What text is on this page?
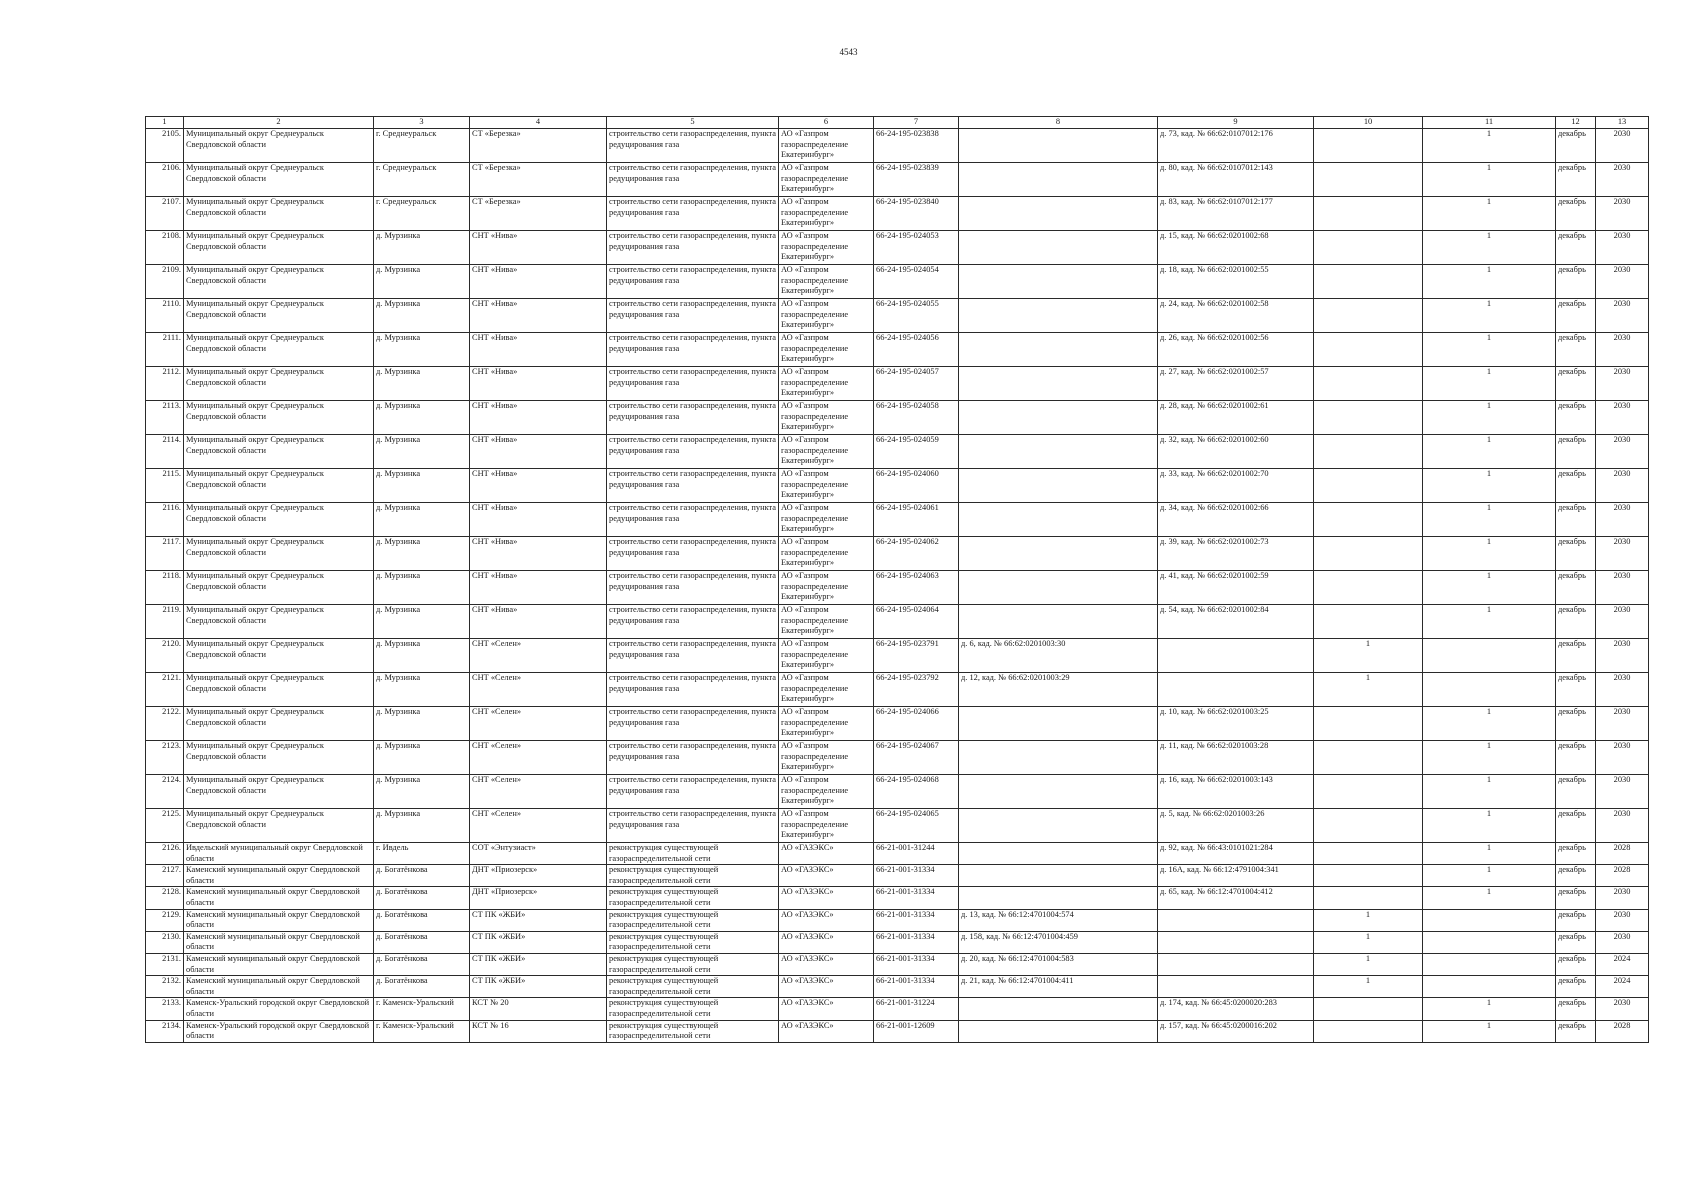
4543
1	2	3	4	5	6	7	8	9	10	11	12	13
2105.	Муниципальный округ Среднеуральск Свердловской области	г. Среднеуральск	СТ «Березка»	строительство сети газораспределения, пункта редуцирования газа	АО «Газпром газораспределение Екатеринбург»	66-24-195-023838		д. 73, кад. № 66:62:0107012:176		1	декабрь	2030
2106.	Муниципальный округ Среднеуральск Свердловской области	г. Среднеуральск	СТ «Березка»	строительство сети газораспределения, пункта редуцирования газа	АО «Газпром газораспределение Екатеринбург»	66-24-195-023839		д. 80, кад. № 66:62:0107012:143		1	декабрь	2030
2107.	Муниципальный округ Среднеуральск Свердловской области	г. Среднеуральск	СТ «Березка»	строительство сети газораспределения, пункта редуцирования газа	АО «Газпром газораспределение Екатеринбург»	66-24-195-023840		д. 83, кад. № 66:62:0107012:177		1	декабрь	2030
2108.	Муниципальный округ Среднеуральск Свердловской области	д. Мурзинка	СНТ «Нива»	строительство сети газораспределения, пункта редуцирования газа	АО «Газпром газораспределение Екатеринбург»	66-24-195-024053		д. 15, кад. № 66:62:0201002:68		1	декабрь	2030
2109.	Муниципальный округ Среднеуральск Свердловской области	д. Мурзинка	СНТ «Нива»	строительство сети газораспределения, пункта редуцирования газа	АО «Газпром газораспределение Екатеринбург»	66-24-195-024054		д. 18, кад. № 66:62:0201002:55		1	декабрь	2030
2110.	Муниципальный округ Среднеуральск Свердловской области	д. Мурзинка	СНТ «Нива»	строительство сети газораспределения, пункта редуцирования газа	АО «Газпром газораспределение Екатеринбург»	66-24-195-024055		д. 24, кад. № 66:62:0201002:58		1	декабрь	2030
2111.	Муниципальный округ Среднеуральск Свердловской области	д. Мурзинка	СНТ «Нива»	строительство сети газораспределения, пункта редуцирования газа	АО «Газпром газораспределение Екатеринбург»	66-24-195-024056		д. 26, кад. № 66:62:0201002:56		1	декабрь	2030
2112.	Муниципальный округ Среднеуральск Свердловской области	д. Мурзинка	СНТ «Нива»	строительство сети газораспределения, пункта редуцирования газа	АО «Газпром газораспределение Екатеринбург»	66-24-195-024057		д. 27, кад. № 66:62:0201002:57		1	декабрь	2030
2113.	Муниципальный округ Среднеуральск Свердловской области	д. Мурзинка	СНТ «Нива»	строительство сети газораспределения, пункта редуцирования газа	АО «Газпром газораспределение Екатеринбург»	66-24-195-024058		д. 28, кад. № 66:62:0201002:61		1	декабрь	2030
2114.	Муниципальный округ Среднеуральск Свердловской области	д. Мурзинка	СНТ «Нива»	строительство сети газораспределения, пункта редуцирования газа	АО «Газпром газораспределение Екатеринбург»	66-24-195-024059		д. 32, кад. № 66:62:0201002:60		1	декабрь	2030
2115.	Муниципальный округ Среднеуральск Свердловской области	д. Мурзинка	СНТ «Нива»	строительство сети газораспределения, пункта редуцирования газа	АО «Газпром газораспределение Екатеринбург»	66-24-195-024060		д. 33, кад. № 66:62:0201002:70		1	декабрь	2030
2116.	Муниципальный округ Среднеуральск Свердловской области	д. Мурзинка	СНТ «Нива»	строительство сети газораспределения, пункта редуцирования газа	АО «Газпром газораспределение Екатеринбург»	66-24-195-024061		д. 34, кад. № 66:62:0201002:66		1	декабрь	2030
2117.	Муниципальный округ Среднеуральск Свердловской области	д. Мурзинка	СНТ «Нива»	строительство сети газораспределения, пункта редуцирования газа	АО «Газпром газораспределение Екатеринбург»	66-24-195-024062		д. 39, кад. № 66:62:0201002:73		1	декабрь	2030
2118.	Муниципальный округ Среднеуральск Свердловской области	д. Мурзинка	СНТ «Нива»	строительство сети газораспределения, пункта редуцирования газа	АО «Газпром газораспределение Екатеринбург»	66-24-195-024063		д. 41, кад. № 66:62:0201002:59		1	декабрь	2030
2119.	Муниципальный округ Среднеуральск Свердловской области	д. Мурзинка	СНТ «Нива»	строительство сети газораспределения, пункта редуцирования газа	АО «Газпром газораспределение Екатеринбург»	66-24-195-024064		д. 54, кад. № 66:62:0201002:84		1	декабрь	2030
2120.	Муниципальный округ Среднеуральск Свердловской области	д. Мурзинка	СНТ «Селен»	строительство сети газораспределения, пункта редуцирования газа	АО «Газпром газораспределение Екатеринбург»	66-24-195-023791	д. 6, кад. № 66:62:0201003:30		1		декабрь	2030
2121.	Муниципальный округ Среднеуральск Свердловской области	д. Мурзинка	СНТ «Селен»	строительство сети газораспределения, пункта редуцирования газа	АО «Газпром газораспределение Екатеринбург»	66-24-195-023792	д. 12, кад. № 66:62:0201003:29		1		декабрь	2030
2122.	Муниципальный округ Среднеуральск Свердловской области	д. Мурзинка	СНТ «Селен»	строительство сети газораспределения, пункта редуцирования газа	АО «Газпром газораспределение Екатеринбург»	66-24-195-024066		д. 10, кад. № 66:62:0201003:25		1	декабрь	2030
2123.	Муниципальный округ Среднеуральск Свердловской области	д. Мурзинка	СНТ «Селен»	строительство сети газораспределения, пункта редуцирования газа	АО «Газпром газораспределение Екатеринбург»	66-24-195-024067		д. 11, кад. № 66:62:0201003:28		1	декабрь	2030
2124.	Муниципальный округ Среднеуральск Свердловской области	д. Мурзинка	СНТ «Селен»	строительство сети газораспределения, пункта редуцирования газа	АО «Газпром газораспределение Екатеринбург»	66-24-195-024068		д. 16, кад. № 66:62:0201003:143		1	декабрь	2030
2125.	Муниципальный округ Среднеуральск Свердловской области	д. Мурзинка	СНТ «Селен»	строительство сети газораспределения, пункта редуцирования газа	АО «Газпром газораспределение Екатеринбург»	66-24-195-024065		д. 5, кад. № 66:62:0201003:26		1	декабрь	2030
2126.	Ивдельский муниципальный округ Свердловской области	г. Ивдель	СОТ «Энтузиаст»	реконструкция существующей газораспределительной сети	АО «ГАЗЭКС»	66-21-001-31244		д. 92, кад. № 66:43:0101021:284		1	декабрь	2028
2127.	Каменский муниципальный округ Свердловской области	д. Богатёнкова	ДНТ «Приозерск»	реконструкция существующей газораспределительной сети	АО «ГАЗЭКС»	66-21-001-31334		д. 16А, кад. № 66:12:4791004:341		1	декабрь	2028
2128.	Каменский муниципальный округ Свердловской области	д. Богатёнкова	ДНТ «Приозерск»	реконструкция существующей газораспределительной сети	АО «ГАЗЭКС»	66-21-001-31334		д. 65, кад. № 66:12:4701004:412		1	декабрь	2030
2129.	Каменский муниципальный округ Свердловской области	д. Богатёнкова	СТ ПК «ЖБИ»	реконструкция существующей газораспределительной сети	АО «ГАЗЭКС»	66-21-001-31334	д. 13, кад. № 66:12:4701004:574		1		декабрь	2030
2130.	Каменский муниципальный округ Свердловской области	д. Богатёнкова	СТ ПК «ЖБИ»	реконструкция существующей газораспределительной сети	АО «ГАЗЭКС»	66-21-001-31334	д. 158, кад. № 66:12:4701004:459		1		декабрь	2030
2131.	Каменский муниципальный округ Свердловской области	д. Богатёнкова	СТ ПК «ЖБИ»	реконструкция существующей газораспределительной сети	АО «ГАЗЭКС»	66-21-001-31334	д. 20, кад. № 66:12:4701004:583		1		декабрь	2024
2132.	Каменский муниципальный округ Свердловской области	д. Богатёнкова	СТ ПК «ЖБИ»	реконструкция существующей газораспределительной сети	АО «ГАЗЭКС»	66-21-001-31334	д. 21, кад. № 66:12:4701004:411		1		декабрь	2024
2133.	Каменск-Уральский городской округ Свердловской области	г. Каменск-Уральский	КСТ № 20	реконструкция существующей газораспределительной сети	АО «ГАЗЭКС»	66-21-001-31224		д. 174, кад. № 66:45:0200020:283		1	декабрь	2030
2134.	Каменск-Уральский городской округ Свердловской области	г. Каменск-Уральский	КСТ № 16	реконструкция существующей газораспределительной сети	АО «ГАЗЭКС»	66-21-001-12609		д. 157, кад. № 66:45:0200016:202		1	декабрь	2028
